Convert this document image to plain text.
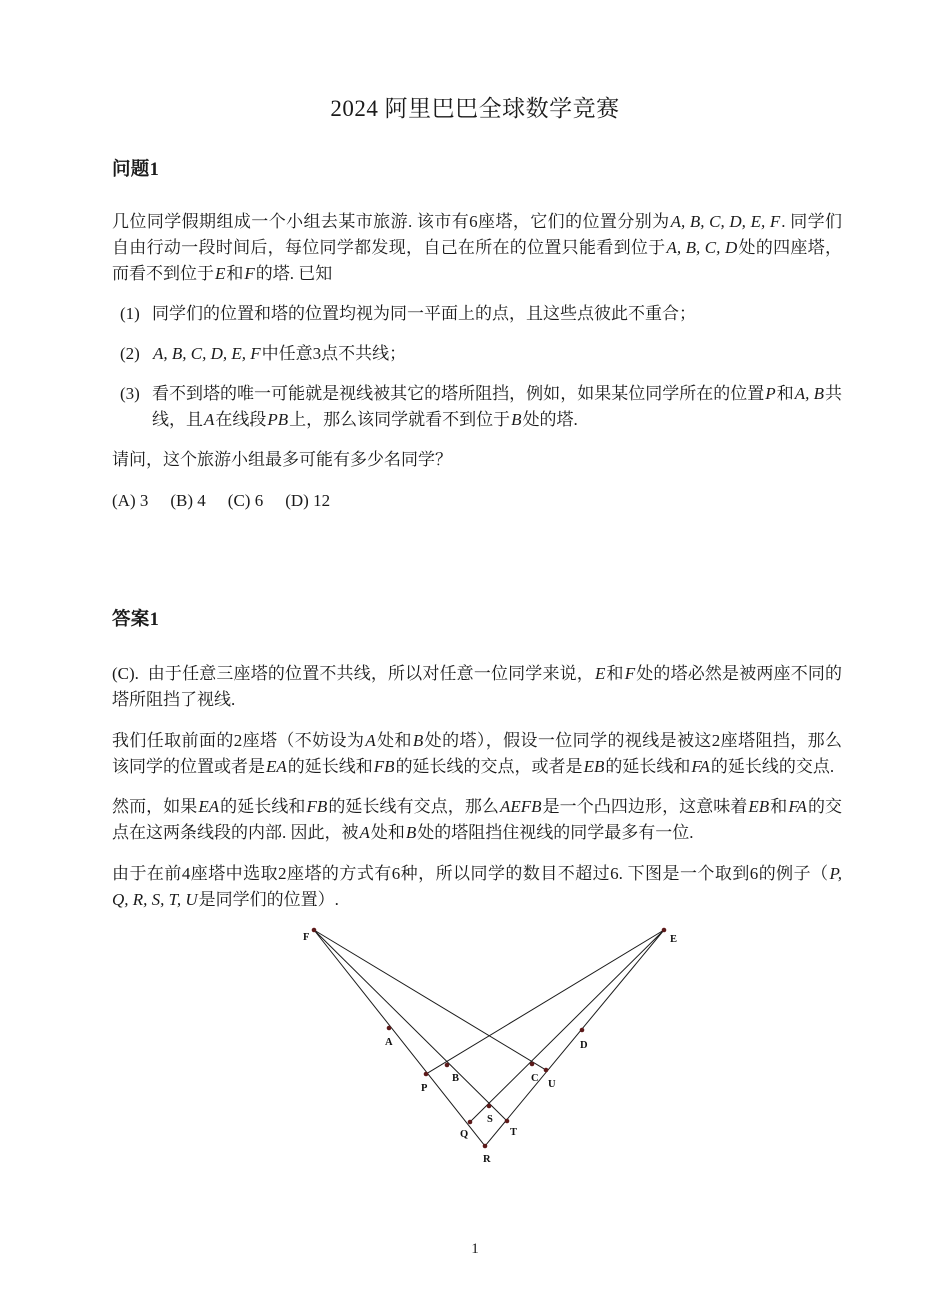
2024 阿里巴巴全球数学竞赛
问题1

几位同学假期组成一个小组去某市旅游. 该市有6座塔，它们的位置分别为A, B, C, D, E, F. 同学们自由行动一段时间后，每位同学都发现，自己在所在的位置只能看到位于A, B, C, D处的四座塔，而看不到位于E和F的塔. 已知

(1) 同学们的位置和塔的位置均视为同一平面上的点，且这些点彼此不重合；
(2) A, B, C, D, E, F中任意3点不共线；
(3) 看不到塔的唯一可能就是视线被其它的塔所阻挡，例如，如果某位同学所在的位置P和A, B共线，且A在线段PB上，那么该同学就看不到位于B处的塔.

请问，这个旅游小组最多可能有多少名同学？

(A) 3 (B) 4 (C) 6 (D) 12

答案1

(C). 由于任意三座塔的位置不共线，所以对任意一位同学来说，E和F处的塔必然是被两座不同的塔所阻挡了视线.

我们任取前面的2座塔（不妨设为A处和B处的塔），假设一位同学的视线是被这2座塔阻挡，那么该同学的位置或者是EA的延长线和FB的延长线的交点，或者是EB的延长线和FA的延长线的交点.

然而，如果EA的延长线和FB的延长线有交点，那么AEFB是一个凸四边形，这意味着EB和FA的交点在这两条线段的内部. 因此，被A处和B处的塔阻挡住视线的同学最多有一位.

由于在前4座塔中选取2座塔的方式有6种，所以同学的数目不超过6. 下图是一个取到6的例子（P, Q, R, S, T, U是同学们的位置）.

F	E
A	D
B
P
C
U
S
T
Q
R
1
